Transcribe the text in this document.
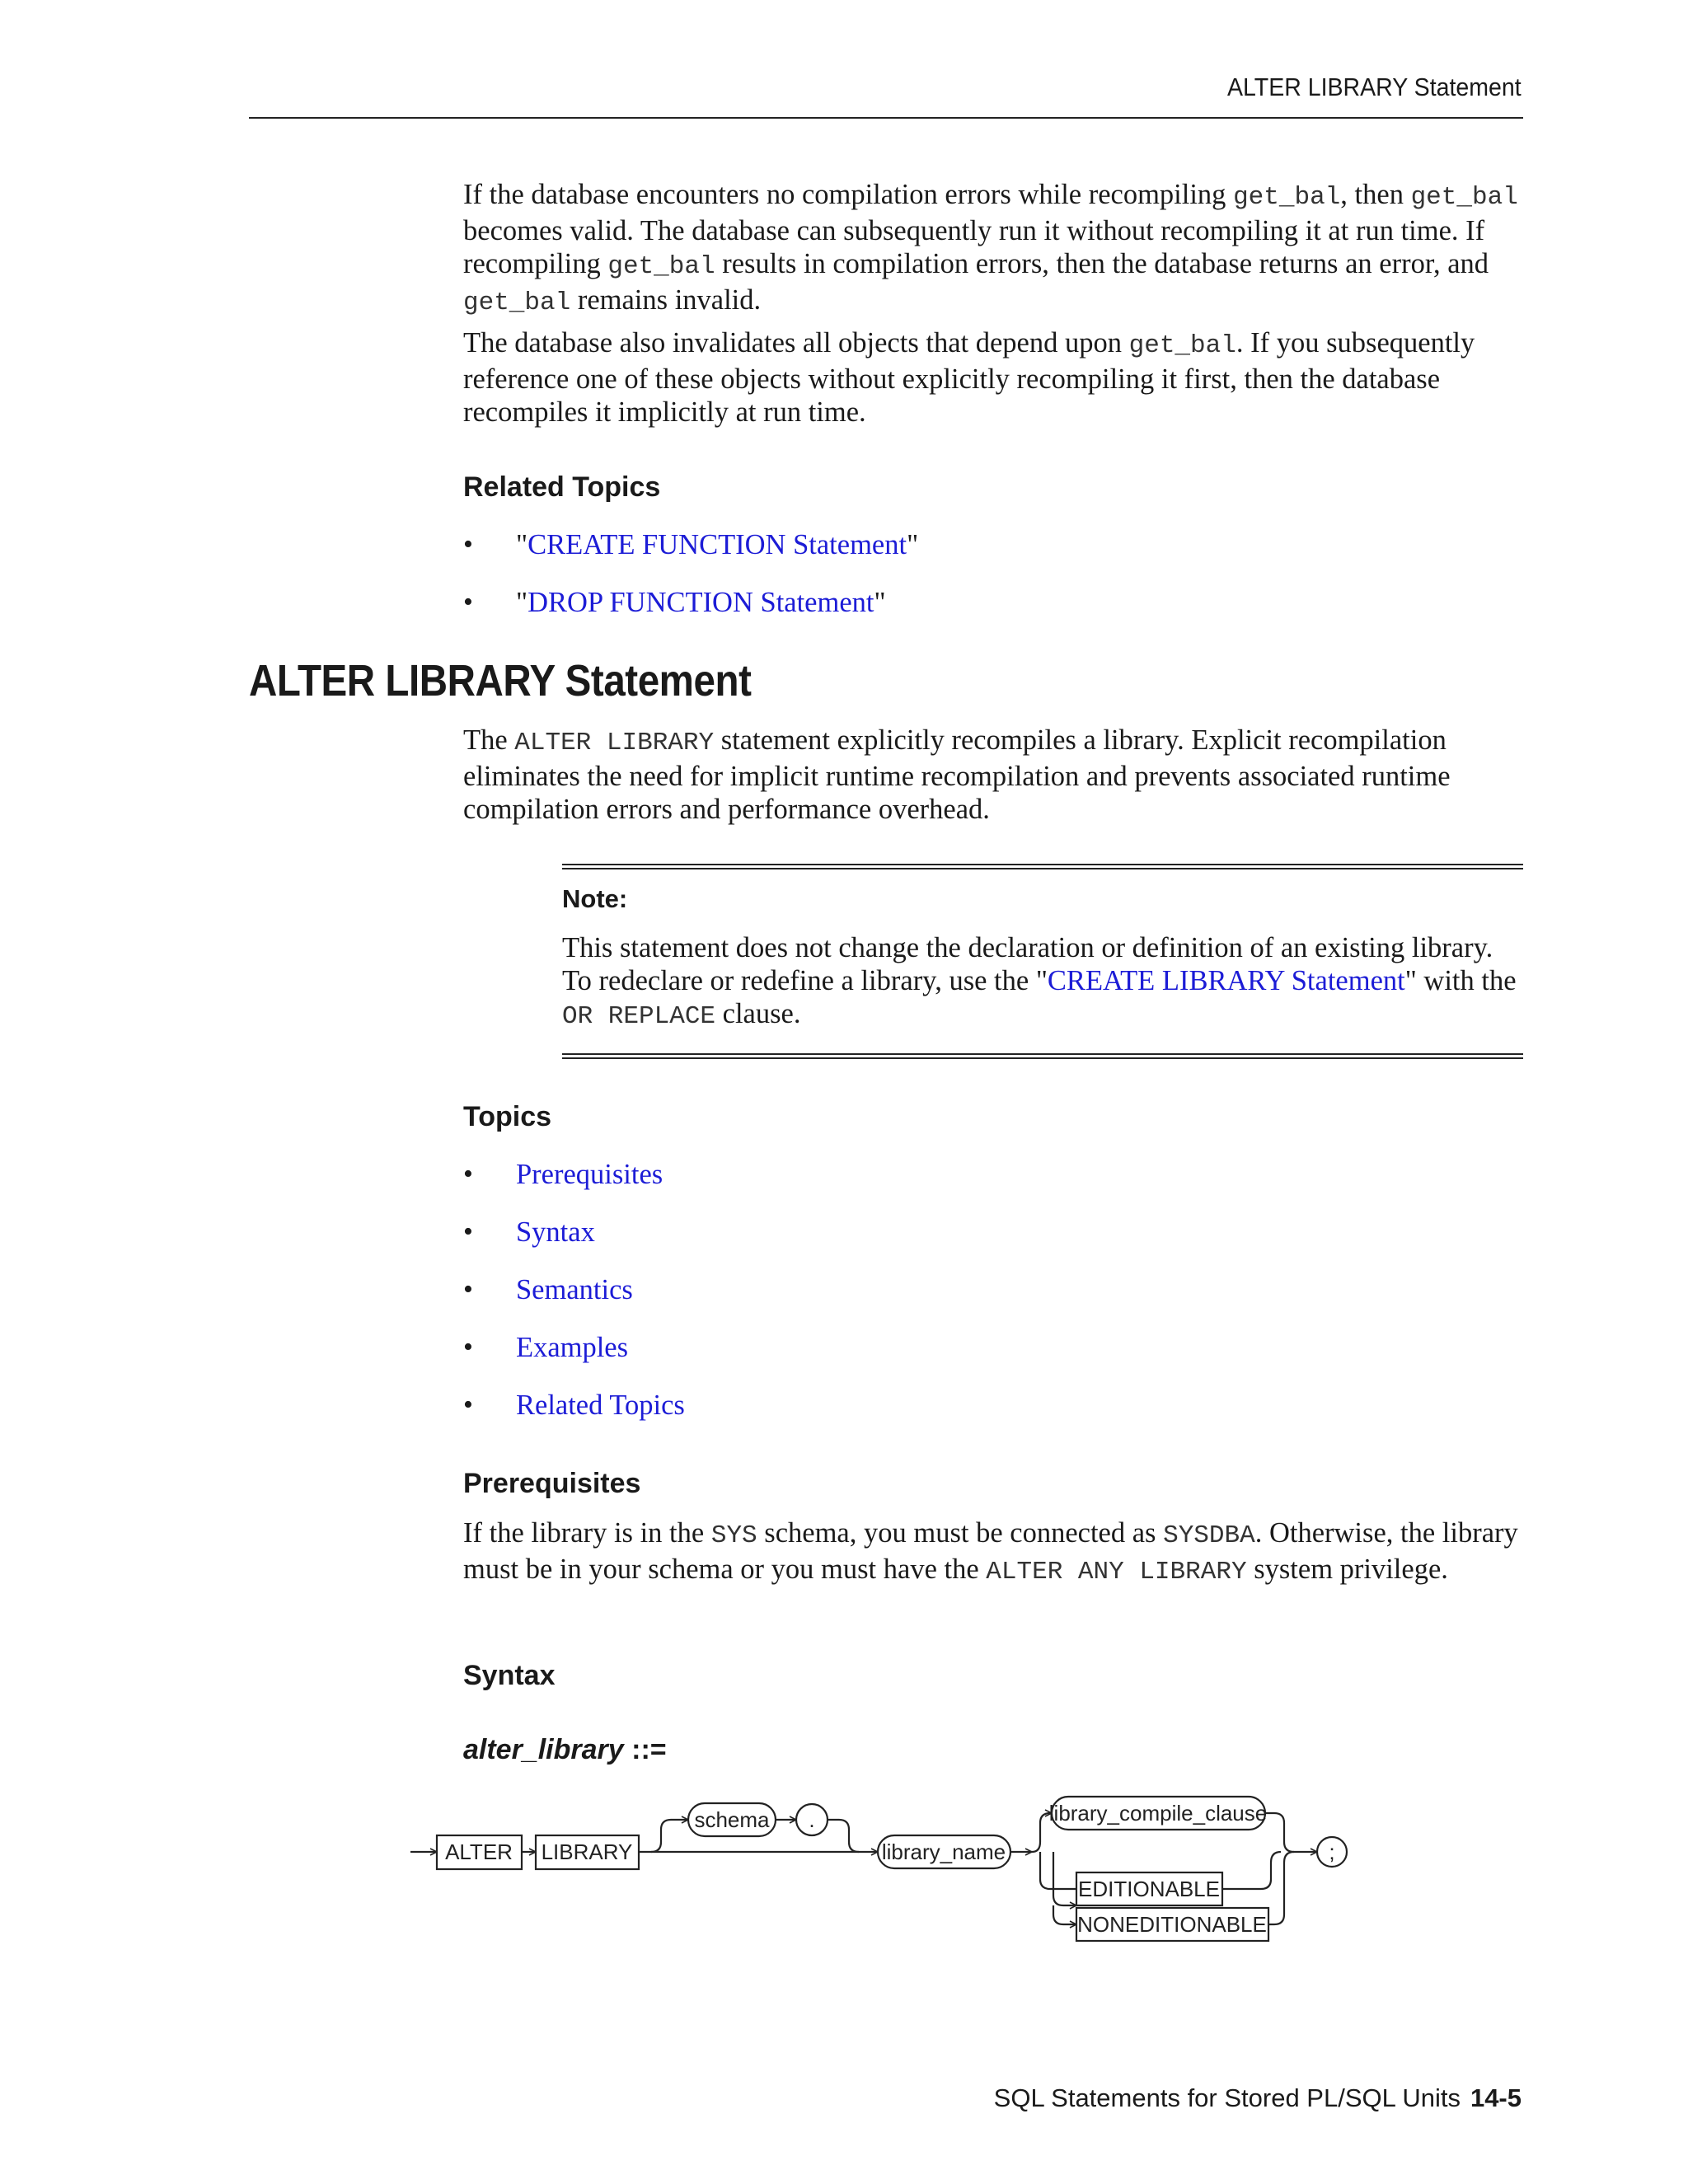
ALTER LIBRARY Statement

If the database encounters no compilation errors while recompiling get_bal, then get_bal becomes valid. The database can subsequently run it without recompiling it at run time. If recompiling get_bal results in compilation errors, then the database returns an error, and get_bal remains invalid.

The database also invalidates all objects that depend upon get_bal. If you subsequently reference one of these objects without explicitly recompiling it first, then the database recompiles it implicitly at run time.

Related Topics
• "CREATE FUNCTION Statement"
• "DROP FUNCTION Statement"
ALTER LIBRARY Statement

The ALTER LIBRARY statement explicitly recompiles a library. Explicit recompilation eliminates the need for implicit runtime recompilation and prevents associated runtime compilation errors and performance overhead.

Note:

This statement does not change the declaration or definition of an existing library. To redeclare or redefine a library, use the "CREATE LIBRARY Statement" with the OR REPLACE clause.

Topics
• Prerequisites
• Syntax
• Semantics
• Examples
• Related Topics
Prerequisites

If the library is in the SYS schema, you must be connected as SYSDBA. Otherwise, the library must be in your schema or you must have the ALTER ANY LIBRARY system privilege.

Syntax
alter_library ::=
ALTER LIBRARY
schema .
library_name
library_compile_clause
EDITIONABLE
NONEDITIONABLE
;
SQL Statements for Stored PL/SQL Units 14-5
